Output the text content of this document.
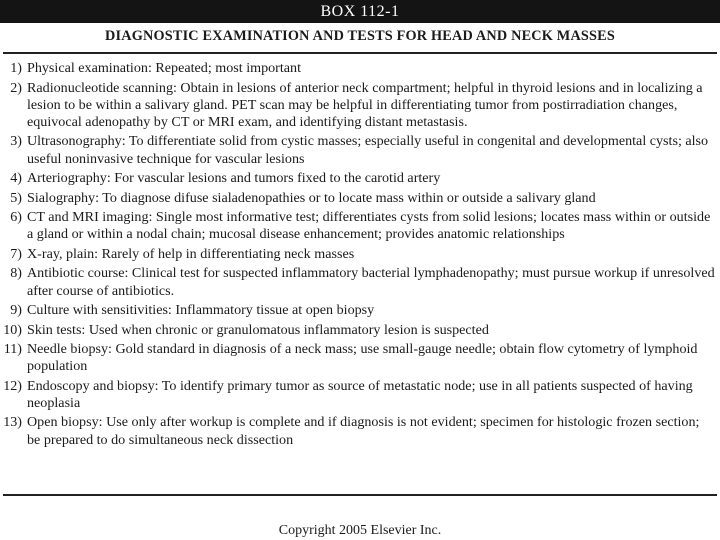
BOX 112-1
DIAGNOSTIC EXAMINATION AND TESTS FOR HEAD AND NECK MASSES
1) Physical examination: Repeated; most important
2) Radionucleotide scanning: Obtain in lesions of anterior neck compartment; helpful in thyroid lesions and in localizing a lesion to be within a salivary gland. PET scan may be helpful in differentiating tumor from postirradiation changes, equivocal adenopathy by CT or MRI exam, and identifying distant metastasis.
3) Ultrasonography: To differentiate solid from cystic masses; especially useful in congenital and developmental cysts; also useful noninvasive technique for vascular lesions
4) Arteriography: For vascular lesions and tumors fixed to the carotid artery
5) Sialography: To diagnose difuse sialadenopathies or to locate mass within or outside a salivary gland
6) CT and MRI imaging: Single most informative test; differentiates cysts from solid lesions; locates mass within or outside a gland or within a nodal chain; mucosal disease enhancement; provides anatomic relationships
7) X-ray, plain: Rarely of help in differentiating neck masses
8) Antibiotic course: Clinical test for suspected inflammatory bacterial lymphadenopathy; must pursue workup if unresolved after course of antibiotics.
9) Culture with sensitivities: Inflammatory tissue at open biopsy
10) Skin tests: Used when chronic or granulomatous inflammatory lesion is suspected
11) Needle biopsy: Gold standard in diagnosis of a neck mass; use small-gauge needle; obtain flow cytometry of lymphoid population
12) Endoscopy and biopsy: To identify primary tumor as source of metastatic node; use in all patients suspected of having neoplasia
13) Open biopsy: Use only after workup is complete and if diagnosis is not evident; specimen for histologic frozen section; be prepared to do simultaneous neck dissection
Copyright 2005 Elsevier Inc.
